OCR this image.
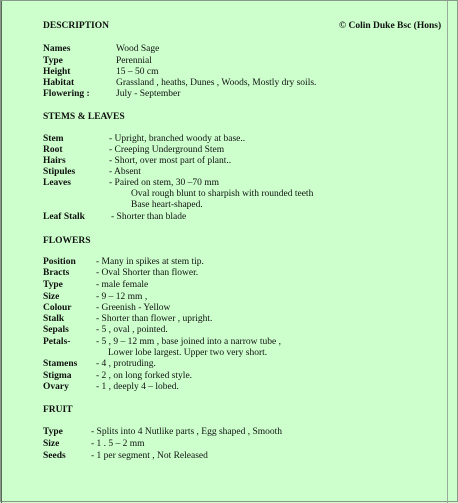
DESCRIPTION	© Colin Duke Bsc (Hons)
Names	Wood Sage
Type	Perennial
Height	15 – 50 cm
Habitat	Grassland , heaths, Dunes , Woods, Mostly dry soils.
Flowering :	July - September
STEMS & LEAVES
Stem	- Upright, branched woody at base..
Root	- Creeping Underground Stem
Hairs	- Short, over most part of plant..
Stipules	- Absent
Leaves	- Paired on stem, 30 –70 mm
Oval rough blunt to sharpish with rounded teeth
Base heart-shaped.
Leaf Stalk	- Shorter than blade
FLOWERS
Position - Many in spikes at stem tip.
Bracts	- Oval Shorter than flower.
Type	- male female
Size	- 9 – 12 mm ,
Colour	- Greenish - Yellow
Stalk	- Shorter than flower , upright.
Sepals	- 5 , oval , pointed.
Petals-	- 5 , 9 – 12 mm , base joined into a narrow tube ,
Lower lobe largest. Upper two very short.
Stamens - 4 , protruding.
Stigma	- 2 , on long forked style.
Ovary	- 1 , deeply 4 – lobed.
FRUIT
Type	- Splits into 4 Nutlike parts , Egg shaped , Smooth
Size	- 1 . 5 – 2 mm
Seeds	- 1 per segment , Not Released
